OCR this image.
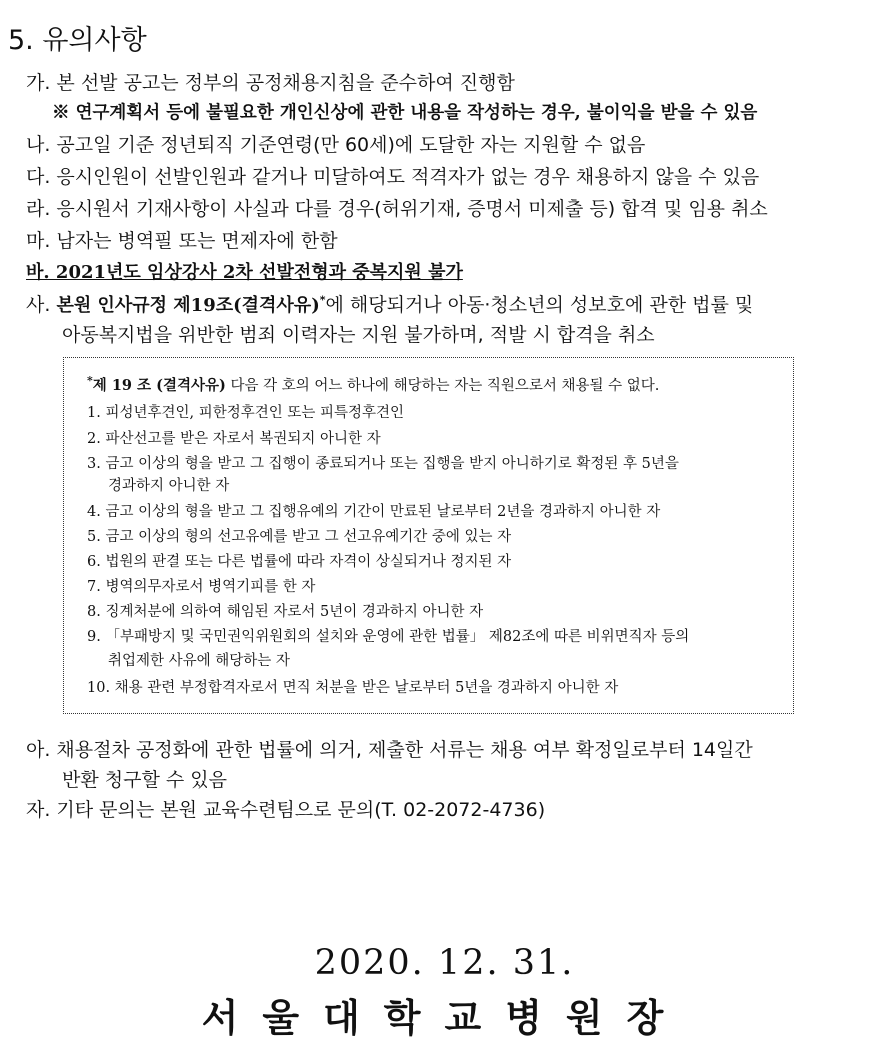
5. 유의사항
가. 본 선발 공고는 정부의 공정채용지침을 준수하여 진행함
※ 연구계획서 등에 불필요한 개인신상에 관한 내용을 작성하는 경우, 불이익을 받을 수 있음
나. 공고일 기준 정년퇴직 기준연령(만 60세)에 도달한 자는 지원할 수 없음
다. 응시인원이 선발인원과 같거나 미달하여도 적격자가 없는 경우 채용하지 않을 수 있음
라. 응시원서 기재사항이 사실과 다를 경우(허위기재, 증명서 미제출 등) 합격 및 임용 취소
마. 남자는 병역필 또는 면제자에 한함
바. 2021년도 임상강사 2차 선발전형과 중복지원 불가
사. 본원 인사규정 제19조(결격사유)*에 해당되거나 아동·청소년의 성보호에 관한 법률 및
아동복지법을 위반한 범죄 이력자는 지원 불가하며, 적발 시 합격을 취소
*제 19 조 (결격사유) 다음 각 호의 어느 하나에 해당하는 자는 직원으로서 채용될 수 없다.
1. 피성년후견인, 피한정후견인 또는 피특정후견인
2. 파산선고를 받은 자로서 복권되지 아니한 자
3. 금고 이상의 형을 받고 그 집행이 종료되거나 또는 집행을 받지 아니하기로 확정된 후 5년을
경과하지 아니한 자
4. 금고 이상의 형을 받고 그 집행유예의 기간이 만료된 날로부터 2년을 경과하지 아니한 자
5. 금고 이상의 형의 선고유예를 받고 그 선고유예기간 중에 있는 자
6. 법원의 판결 또는 다른 법률에 따라 자격이 상실되거나 정지된 자
7. 병역의무자로서 병역기피를 한 자
8. 징계처분에 의하여 해임된 자로서 5년이 경과하지 아니한 자
9. 「부패방지 및 국민권익위원회의 설치와 운영에 관한 법률」 제82조에 따른 비위면직자 등의
취업제한 사유에 해당하는 자
10. 채용 관련 부정합격자로서 면직 처분을 받은 날로부터 5년을 경과하지 아니한 자
아. 채용절차 공정화에 관한 법률에 의거, 제출한 서류는 채용 여부 확정일로부터 14일간
반환 청구할 수 있음
자. 기타 문의는 본원 교육수련팀으로 문의(T. 02-2072-4736)
2020. 12. 31.
서울대학교병원장
